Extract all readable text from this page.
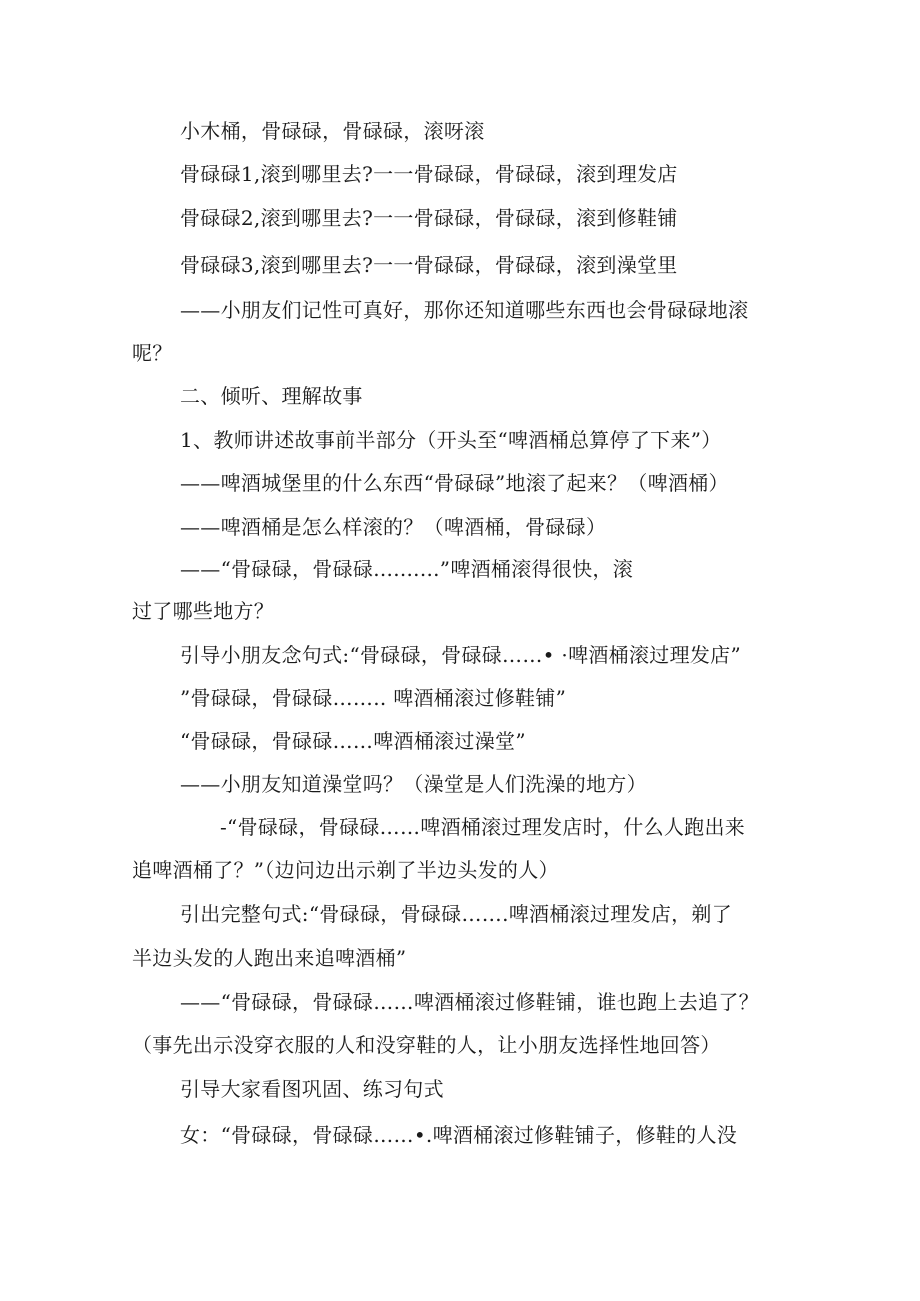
小木桶，骨碌碌，骨碌碌，滚呀滚
骨碌碌1,滚到哪里去?一一骨碌碌，骨碌碌，滚到理发店
骨碌碌2,滚到哪里去?一一骨碌碌，骨碌碌，滚到修鞋铺
骨碌碌3,滚到哪里去?一一骨碌碌，骨碌碌，滚到澡堂里
——小朋友们记性可真好，那你还知道哪些东西也会骨碌碌地滚
呢？
二、倾听、理解故事
1、教师讲述故事前半部分（开头至“啤酒桶总算停了下来”）
——啤酒城堡里的什么东西“骨碌碌”地滚了起来？（啤酒桶）
——啤酒桶是怎么样滚的？（啤酒桶，骨碌碌）
——“骨碌碌，骨碌碌..........”啤酒桶滚得很快，滚
过了哪些地方？
引导小朋友念句式:“骨碌碌，骨碌碌……• ·啤酒桶滚过理发店”
”骨碌碌，骨碌碌…….. 啤酒桶滚过修鞋铺”
“骨碌碌，骨碌碌……啤酒桶滚过澡堂”
——小朋友知道澡堂吗？（澡堂是人们洗澡的地方）
-“骨碌碌，骨碌碌……啤酒桶滚过理发店时，什么人跑出来
追啤酒桶了？”（边问边出示剃了半边头发的人）
引出完整句式:“骨碌碌，骨碌碌…….啤酒桶滚过理发店，剃了
半边头发的人跑出来追啤酒桶”
——“骨碌碌，骨碌碌……啤酒桶滚过修鞋铺，谁也跑上去追了？
（事先出示没穿衣服的人和没穿鞋的人，让小朋友选择性地回答）
引导大家看图巩固、练习句式
女：“骨碌碌，骨碌碌……•.啤酒桶滚过修鞋铺子，修鞋的人没
